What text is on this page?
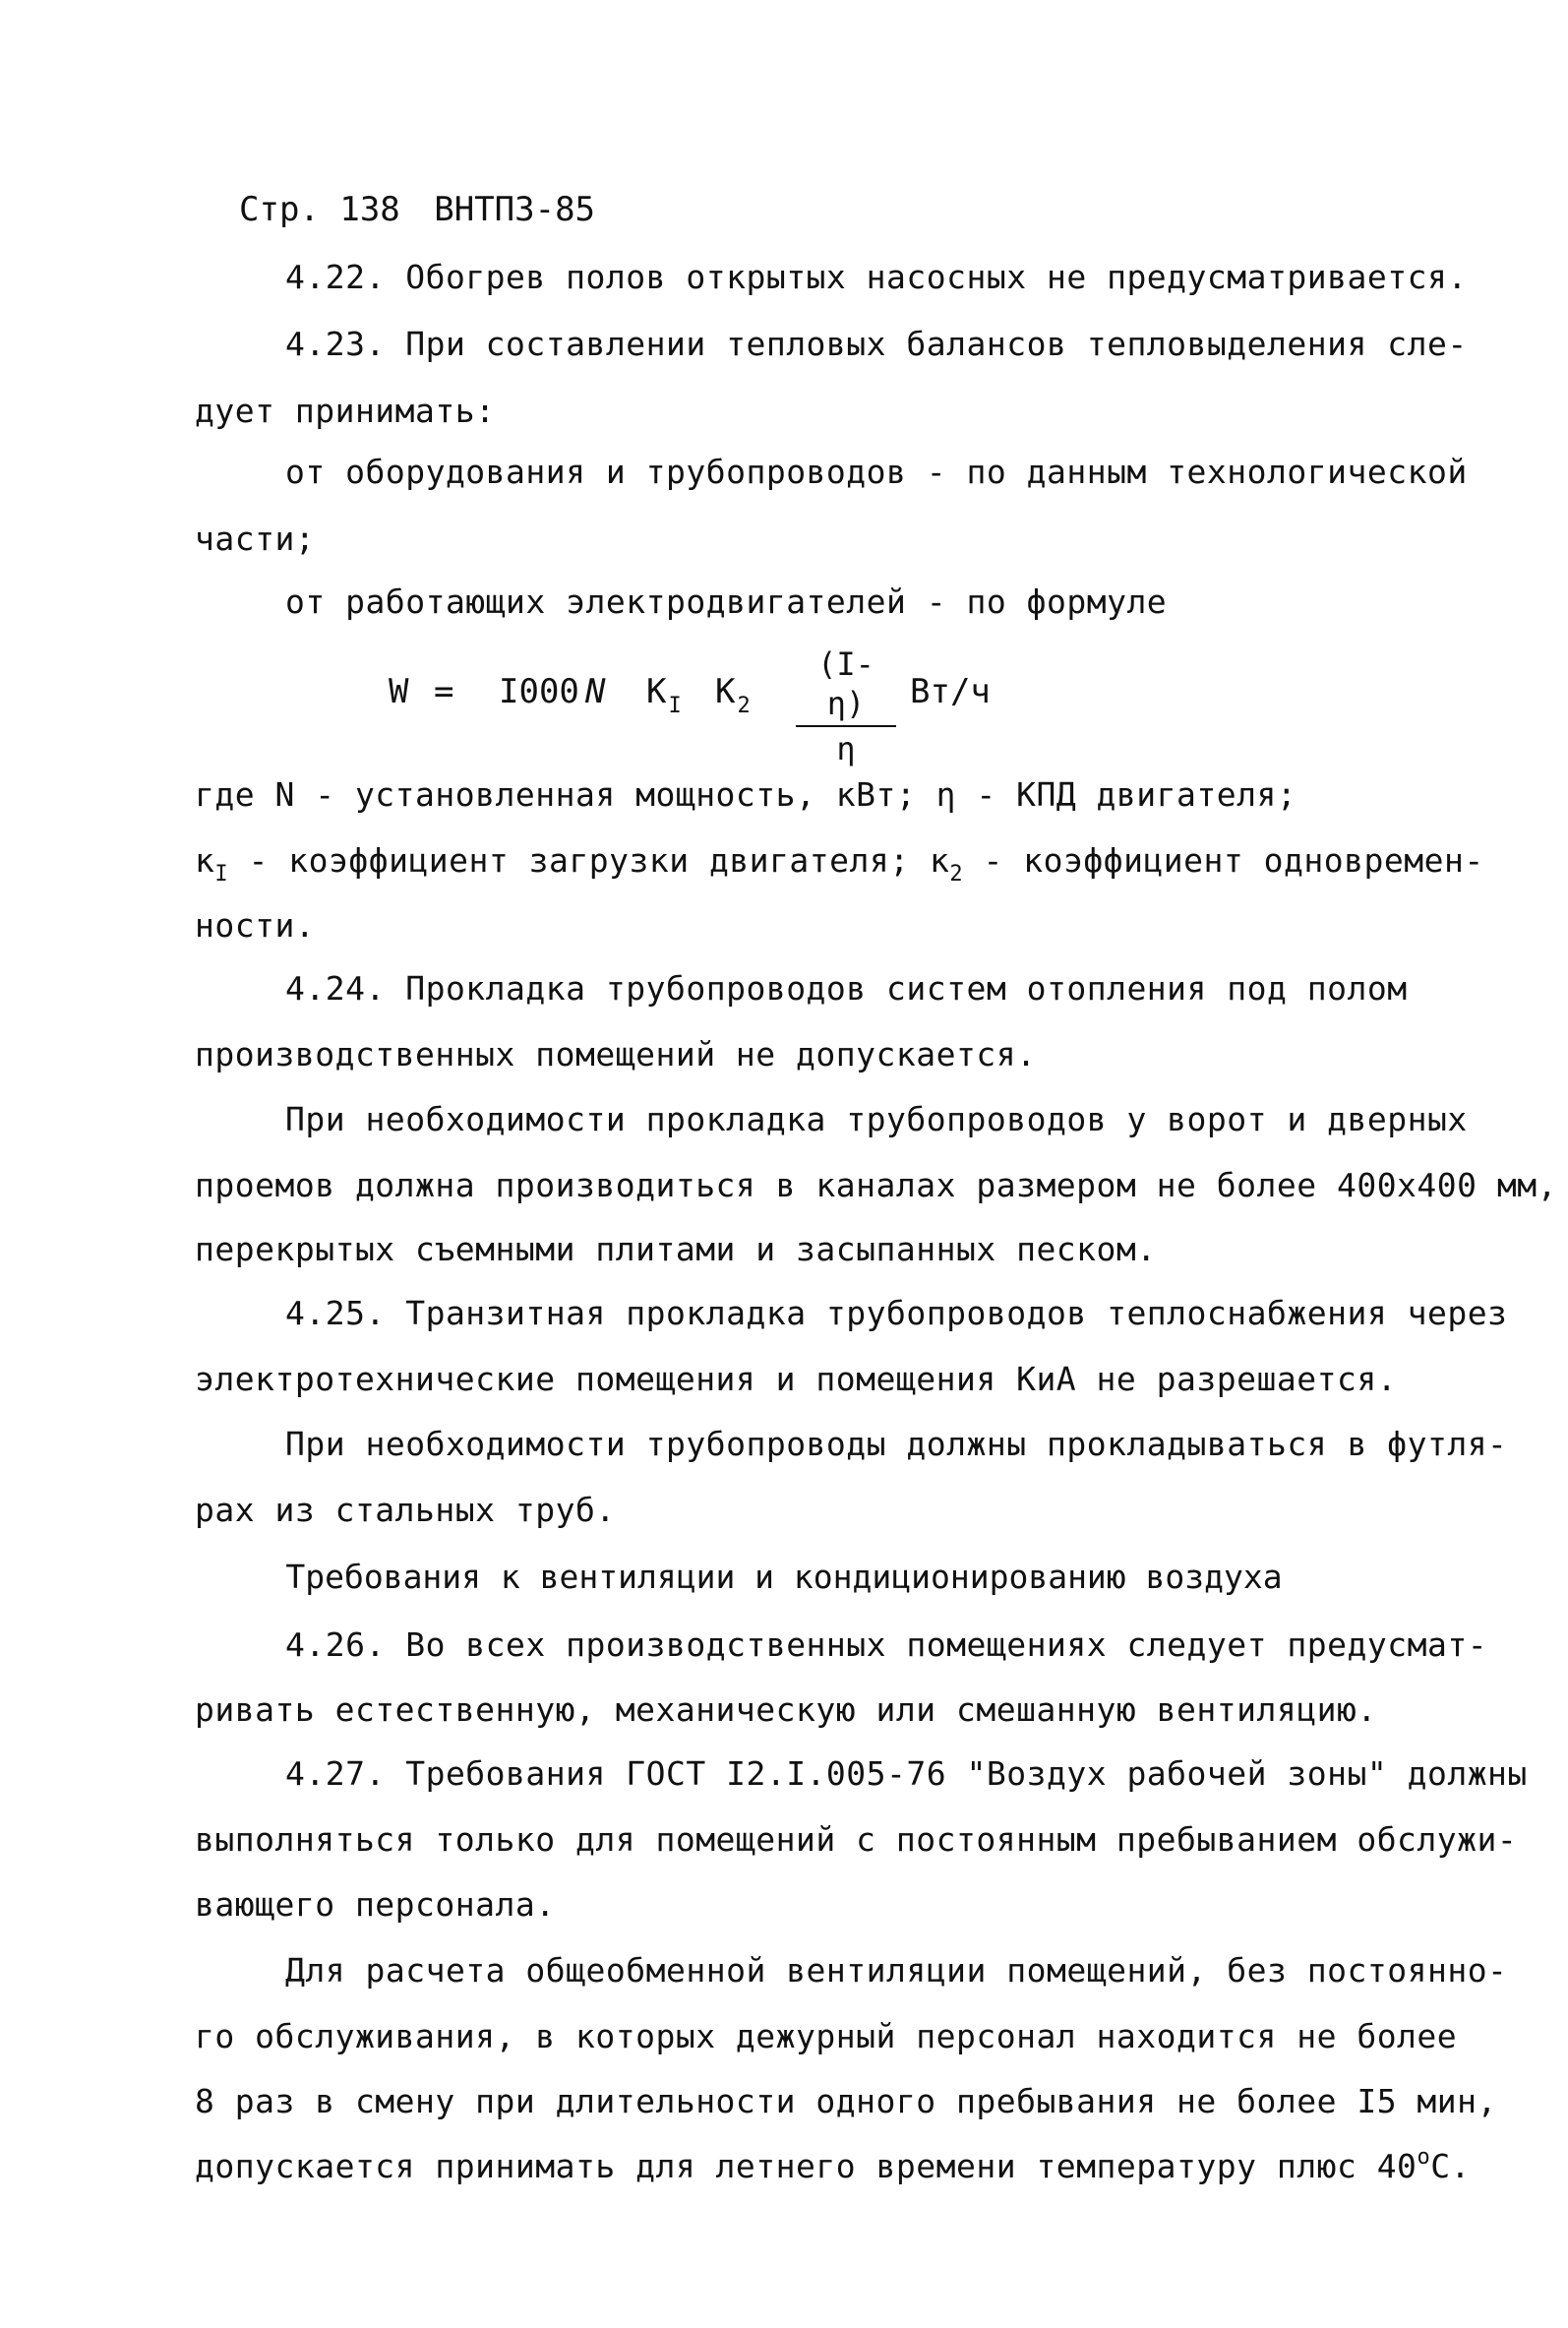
Стр. 138 ВНТП3-85
4.22. Обогрев полов открытых насосных не предусматривается.
4.23. При составлении тепловых балансов тепловыделения сле-
дует принимать:
от оборудования и трубопроводов - по данным технологической
части;
от работающих электродвигателей - по формуле
W = I000 N $К_I$ $К_2$
(I- η)
η
Вт/ч
где N - установленная мощность, кВт; η - КПД двигателя;
$к_I$ - коэффициент загрузки двигателя; $к_2$ - коэффициент одновремен-
ности.
4.24. Прокладка трубопроводов систем отопления под полом
производственных помещений не допускается.
При необходимости прокладка трубопроводов у ворот и дверных
проемов должна производиться в каналах размером не более 400х400 мм,
перекрытых съемными плитами и засыпанных песком.
4.25. Транзитная прокладка трубопроводов теплоснабжения через
электротехнические помещения и помещения КиА не разрешается.
При необходимости трубопроводы должны прокладываться в футля-
рах из стальных труб.
Требования к вентиляции и кондиционированию воздуха
4.26. Во всех производственных помещениях следует предусмат-
ривать естественную, механическую или смешанную вентиляцию.
4.27. Требования ГОСТ I2.I.005-76 "Воздух рабочей зоны" должны
выполняться только для помещений с постоянным пребыванием обслужи-
вающего персонала.
Для расчета общеобменной вентиляции помещений, без постоянно-
го обслуживания, в которых дежурный персонал находится не более
8 раз в смену при длительности одного пребывания не более I5 мин,
допускается принимать для летнего времени температуру плюс $40^оС$.
